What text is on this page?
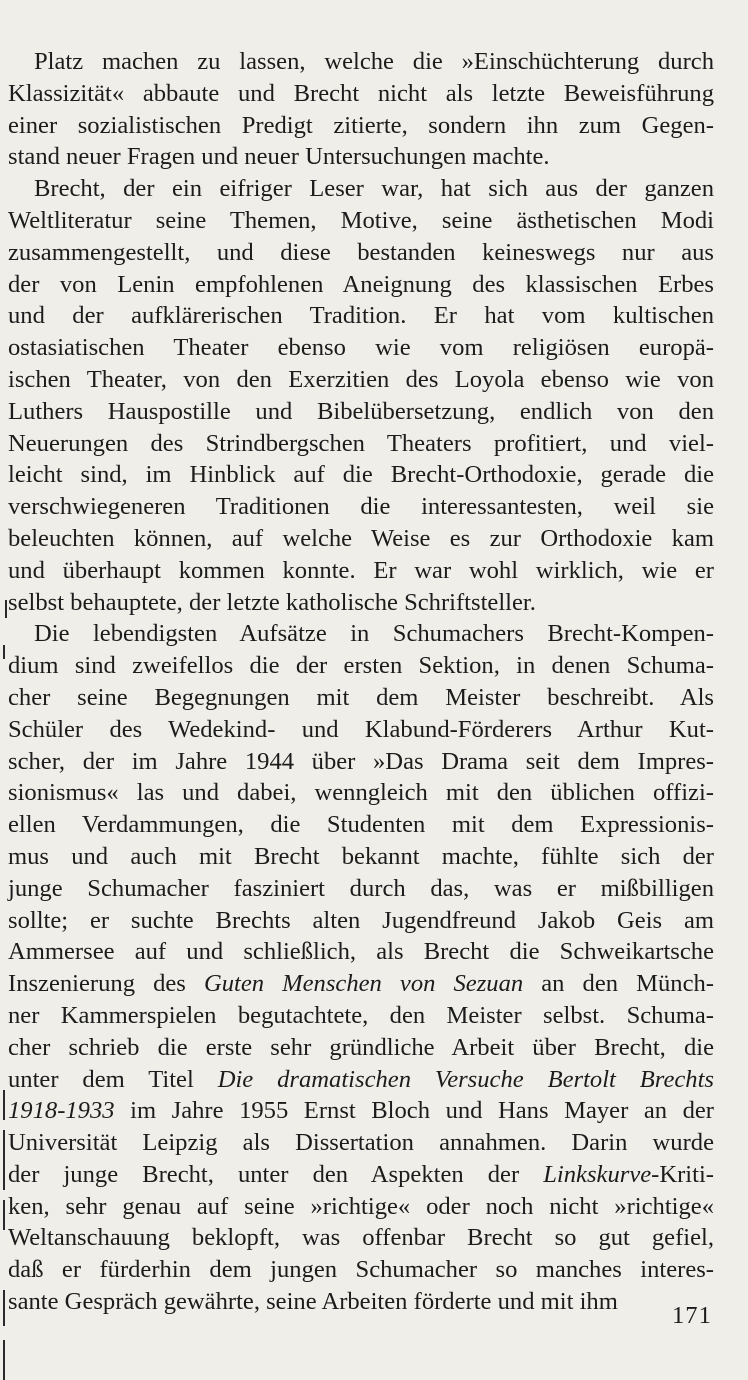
Platz machen zu lassen, welche die »Einschüchterung durch
Klassizität« abbaute und Brecht nicht als letzte Beweisführung
einer sozialistischen Predigt zitierte, sondern ihn zum Gegen-
stand neuer Fragen und neuer Untersuchungen machte.
Brecht, der ein eifriger Leser war, hat sich aus der ganzen
Weltliteratur seine Themen, Motive, seine ästhetischen Modi
zusammengestellt, und diese bestanden keineswegs nur aus
der von Lenin empfohlenen Aneignung des klassischen Erbes
und der aufklärerischen Tradition. Er hat vom kultischen
ostasiatischen Theater ebenso wie vom religiösen europä-
ischen Theater, von den Exerzitien des Loyola ebenso wie von
Luthers Hauspostille und Bibelübersetzung, endlich von den
Neuerungen des Strindbergschen Theaters profitiert, und viel-
leicht sind, im Hinblick auf die Brecht-Orthodoxie, gerade die
verschwiegeneren Traditionen die interessantesten, weil sie
beleuchten können, auf welche Weise es zur Orthodoxie kam
und überhaupt kommen konnte. Er war wohl wirklich, wie er
selbst behauptete, der letzte katholische Schriftsteller.
Die lebendigsten Aufsätze in Schumachers Brecht-Kompen-
dium sind zweifellos die der ersten Sektion, in denen Schuma-
cher seine Begegnungen mit dem Meister beschreibt. Als
Schüler des Wedekind- und Klabund-Förderers Arthur Kut-
scher, der im Jahre 1944 über »Das Drama seit dem Impres-
sionismus« las und dabei, wenngleich mit den üblichen offizi-
ellen Verdammungen, die Studenten mit dem Expressionis-
mus und auch mit Brecht bekannt machte, fühlte sich der
junge Schumacher fasziniert durch das, was er mißbilligen
sollte; er suchte Brechts alten Jugendfreund Jakob Geis am
Ammersee auf und schließlich, als Brecht die Schweikartsche
Inszenierung des Guten Menschen von Sezuan an den Münch-
ner Kammerspielen begutachtete, den Meister selbst. Schuma-
cher schrieb die erste sehr gründliche Arbeit über Brecht, die
unter dem Titel Die dramatischen Versuche Bertolt Brechts
1918-1933 im Jahre 1955 Ernst Bloch und Hans Mayer an der
Universität Leipzig als Dissertation annahmen. Darin wurde
der junge Brecht, unter den Aspekten der Linkskurve-Kriti-
ken, sehr genau auf seine »richtige« oder noch nicht »richtige«
Weltanschauung beklopft, was offenbar Brecht so gut gefiel,
daß er fürderhin dem jungen Schumacher so manches interes-
sante Gespräch gewährte, seine Arbeiten förderte und mit ihm
171
